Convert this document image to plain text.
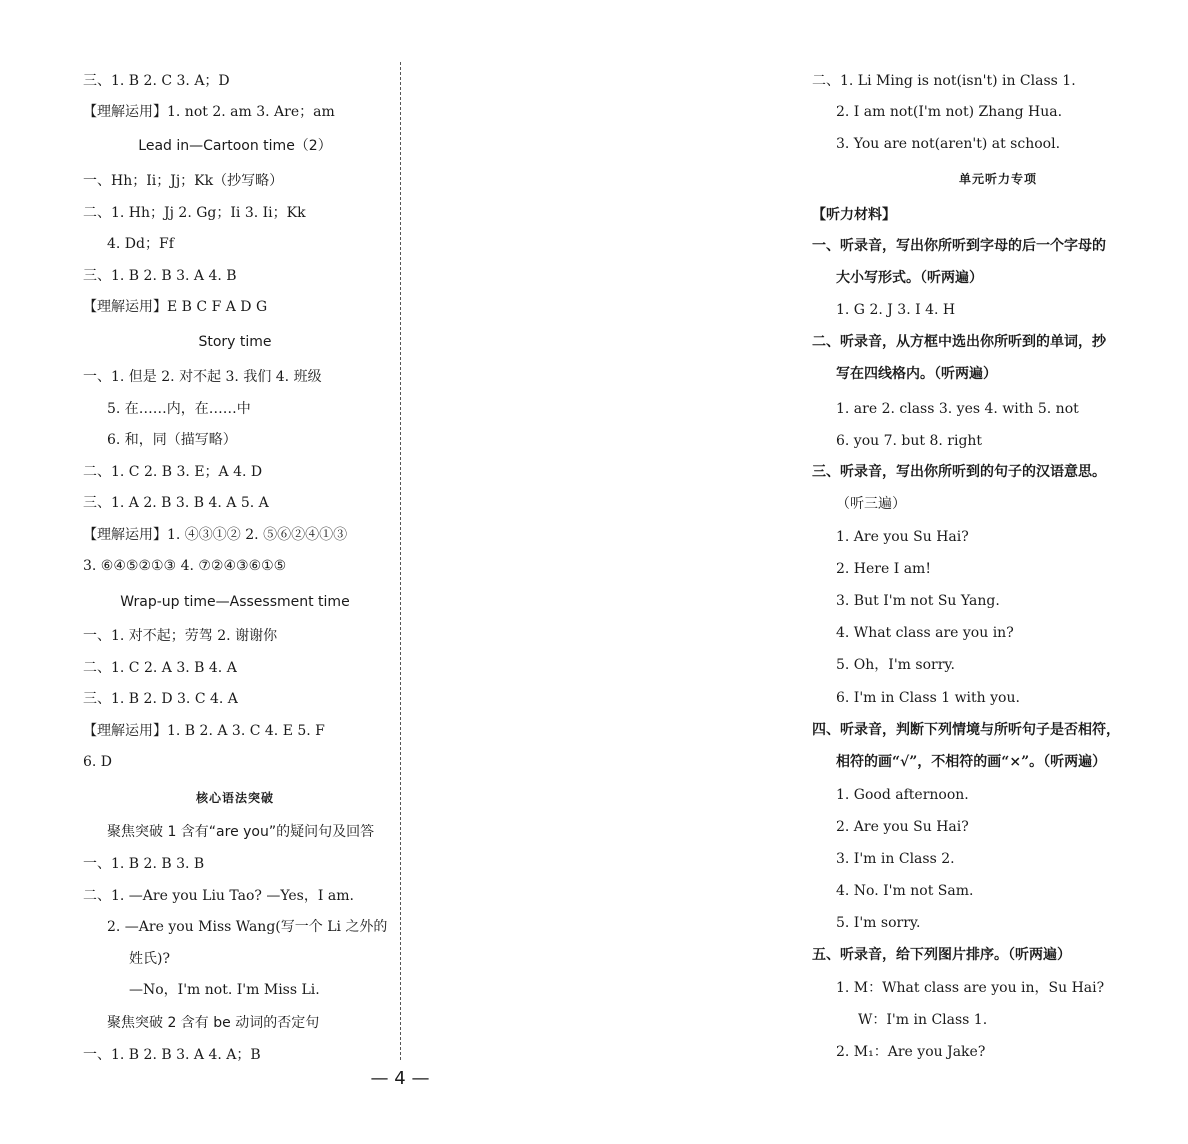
三、1. B 2. C 3. A；D
【理解运用】1. not 2. am 3. Are；am
Lead in—Cartoon time（2）
一、Hh；Ii；Jj；Kk（抄写略）
二、1. Hh；Jj 2. Gg；Ii 3. Ii；Kk
4. Dd；Ff
三、1. B 2. B 3. A 4. B
【理解运用】E B C F A D G
Story time
一、1. 但是 2. 对不起 3. 我们 4. 班级
5. 在……内，在……中
6. 和，同（描写略）
二、1. C 2. B 3. E；A 4. D
三、1. A 2. B 3. B 4. A 5. A
【理解运用】1. ④③①② 2. ⑤⑥②④①③
3. ⑥④⑤②①③ 4. ⑦②④③⑥①⑤
Wrap-up time—Assessment time
一、1. 对不起；劳驾 2. 谢谢你
二、1. C 2. A 3. B 4. A
三、1. B 2. D 3. C 4. A
【理解运用】1. B 2. A 3. C 4. E 5. F
6. D
核心语法突破
聚焦突破 1 含有“are you”的疑问句及回答
一、1. B 2. B 3. B
二、1. —Are you Liu Tao? —Yes，I am.
2. —Are you Miss Wang(写一个 Li 之外的
姓氏)?
—No，I'm not. I'm Miss Li.
聚焦突破 2 含有 be 动词的否定句
一、1. B 2. B 3. A 4. A；B
二、1. Li Ming is not(isn't) in Class 1.
2. I am not(I'm not) Zhang Hua.
3. You are not(aren't) at school.
单元听力专项
【听力材料】
一、听录音，写出你所听到字母的后一个字母的
大小写形式。（听两遍）
1. G 2. J 3. I 4. H
二、听录音，从方框中选出你所听到的单词，抄
写在四线格内。（听两遍）
1. are 2. class 3. yes 4. with 5. not
6. you 7. but 8. right
三、听录音，写出你所听到的句子的汉语意思。
（听三遍）
1. Are you Su Hai?
2. Here I am!
3. But I'm not Su Yang.
4. What class are you in?
5. Oh，I'm sorry.
6. I'm in Class 1 with you.
四、听录音，判断下列情境与所听句子是否相符，
相符的画“√”，不相符的画“×”。（听两遍）
1. Good afternoon.
2. Are you Su Hai?
3. I'm in Class 2.
4. No. I'm not Sam.
5. I'm sorry.
五、听录音，给下列图片排序。（听两遍）
1. M：What class are you in，Su Hai?
W：I'm in Class 1.
2. M₁：Are you Jake?
— 4 —
